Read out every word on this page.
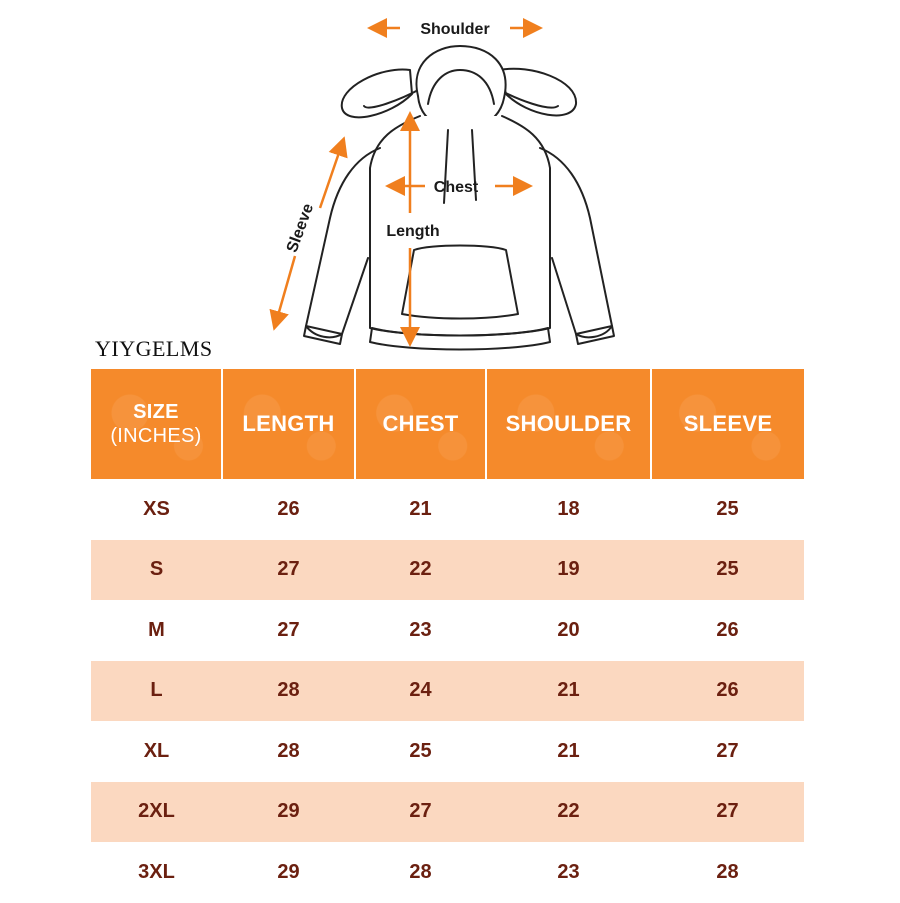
Shoulder
Chest
Length
Sleeve
YIYGELMS
SIZE
(INCHES)	LENGTH	CHEST	SHOULDER	SLEEVE
XS	26	21	18	25
S	27	22	19	25
M	27	23	20	26
L	28	24	21	26
XL	28	25	21	27
2XL	29	27	22	27
3XL	29	28	23	28
